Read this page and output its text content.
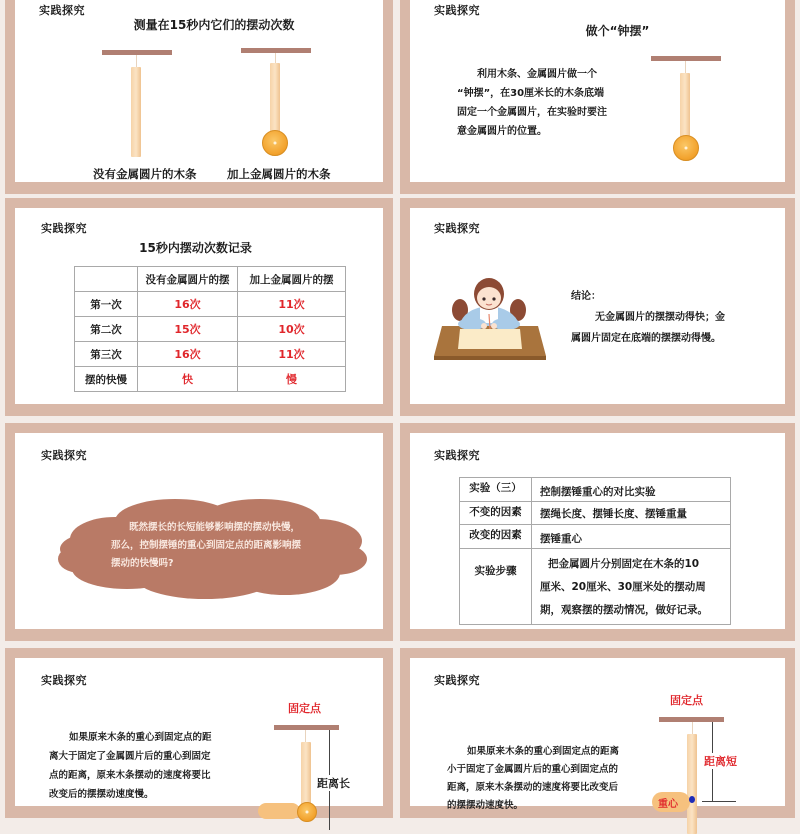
实践探究
测量在15秒内它们的摆动次数
没有金属圆片的木条	加上金属圆片的木条
实践探究
做个“钟摆”
利用木条、金属圆片做一个
“钟摆”，在30厘米长的木条底端
固定一个金属圆片，在实验时要注
意金属圆片的位置。
实践探究
15秒内摆动次数记录
	没有金属圆片的摆	加上金属圆片的摆
第一次	16次	11次
第二次	15次	10次
第三次	16次	11次
摆的快慢	快	慢
实践探究
结论：
无金属圆片的摆摆动得快；金
属圆片固定在底端的摆摆动得慢。
实践探究
既然摆长的长短能够影响摆的摆动快慢，
那么，控制摆锤的重心到固定点的距离影响摆
摆动的快慢吗?
实践探究
实验（三）	控制摆锤重心的对比实验
不变的因素	摆绳长度、摆锤长度、摆锤重量
改变的因素	摆锤重心
实验步骤	把金属圆片分别固定在木条的10
厘米、20厘米、30厘米处的摆动周
期，观察摆的摆动情况，做好记录。
实践探究
如果原来木条的重心到固定点的距
离大于固定了金属圆片后的重心到固定
点的距离，原来木条摆动的速度将要比
改变后的摆摆动速度慢。
固定点
距离长
实践探究
如果原来木条的重心到固定点的距离
小于固定了金属圆片后的重心到固定点的
距离，原来木条摆动的速度将要比改变后
的摆摆动速度快。
固定点
距离短
重心
